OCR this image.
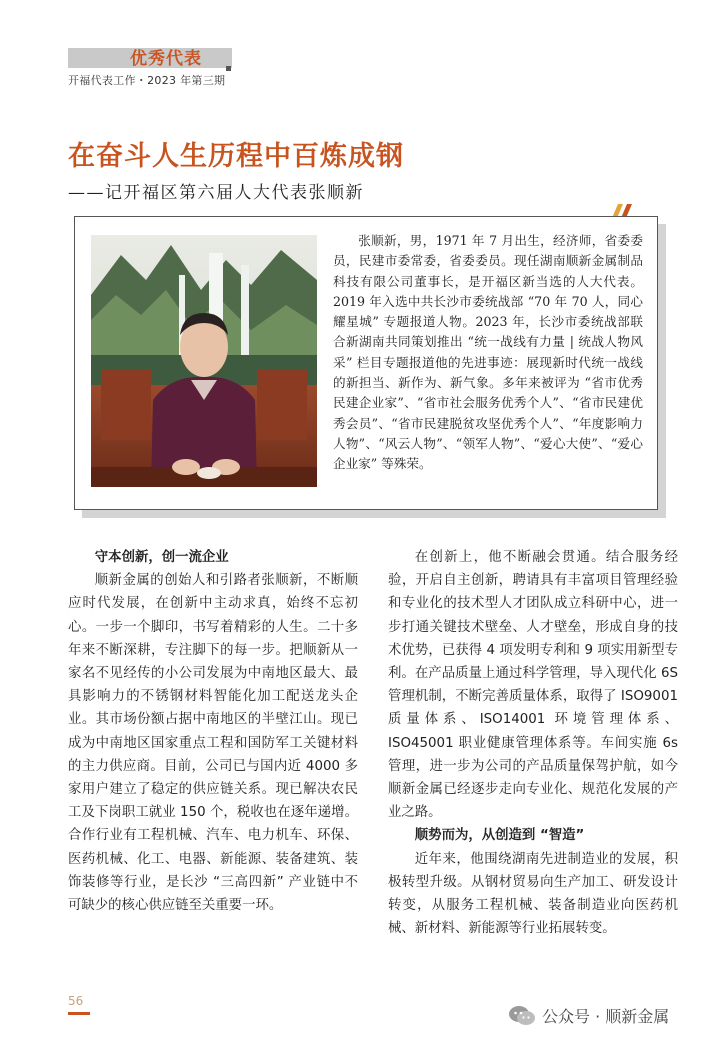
优秀代表
开福代表工作・2023 年第三期
在奋斗人生历程中百炼成钢
——记开福区第六届人大代表张顺新

张顺新，男，1971 年 7 月出生，经济师，省委委员，民建市委常委，省委委员。现任湖南顺新金属制品科技有限公司董事长，是开福区新当选的人大代表。2019 年入选中共长沙市委统战部 “70 年 70 人，同心耀星城” 专题报道人物。2023 年，长沙市委统战部联合新湖南共同策划推出 “统一战线有力量 | 统战人物风采” 栏目专题报道他的先进事迹：展现新时代统一战线的新担当、新作为、新气象。多年来被评为 “省市优秀民建企业家”、“省市社会服务优秀个人”、“省市民建优秀会员”、“省市民建脱贫攻坚优秀个人”、“年度影响力人物”、“风云人物”、“领军人物”、“爱心大使”、“爱心企业家” 等殊荣。

守本创新，创一流企业

顺新金属的创始人和引路者张顺新，不断顺应时代发展，在创新中主动求真，始终不忘初心。一步一个脚印，书写着精彩的人生。二十多年来不断深耕，专注脚下的每一步。把顺新从一家名不见经传的小公司发展为中南地区最大、最具影响力的不锈钢材料智能化加工配送龙头企业。其市场份额占据中南地区的半壁江山。现已成为中南地区国家重点工程和国防军工关键材料的主力供应商。目前，公司已与国内近 4000 多家用户建立了稳定的供应链关系。现已解决农民工及下岗职工就业 150 个，税收也在逐年递增。合作行业有工程机械、汽车、电力机车、环保、医药机械、化工、电器、新能源、装备建筑、装饰装修等行业，是长沙 “三高四新” 产业链中不可缺少的核心供应链至关重要一环。

在创新上，他不断融会贯通。结合服务经验，开启自主创新，聘请具有丰富项目管理经验和专业化的技术型人才团队成立科研中心，进一步打通关键技术壁垒、人才壁垒，形成自身的技术优势，已获得 4 项发明专利和 9 项实用新型专利。在产品质量上通过科学管理，导入现代化 6S 管理机制，不断完善质量体系，取得了 ISO9001 质量体系、ISO14001 环境管理体系、ISO45001 职业健康管理体系等。车间实施 6s 管理，进一步为公司的产品质量保驾护航，如今顺新金属已经逐步走向专业化、规范化发展的产业之路。

顺势而为，从创造到 “智造”

近年来，他围绕湖南先进制造业的发展，积极转型升级。从钢材贸易向生产加工、研发设计转变，从服务工程机械、装备制造业向医药机械、新材料、新能源等行业拓展转变。

56
公众号 · 顺新金属
